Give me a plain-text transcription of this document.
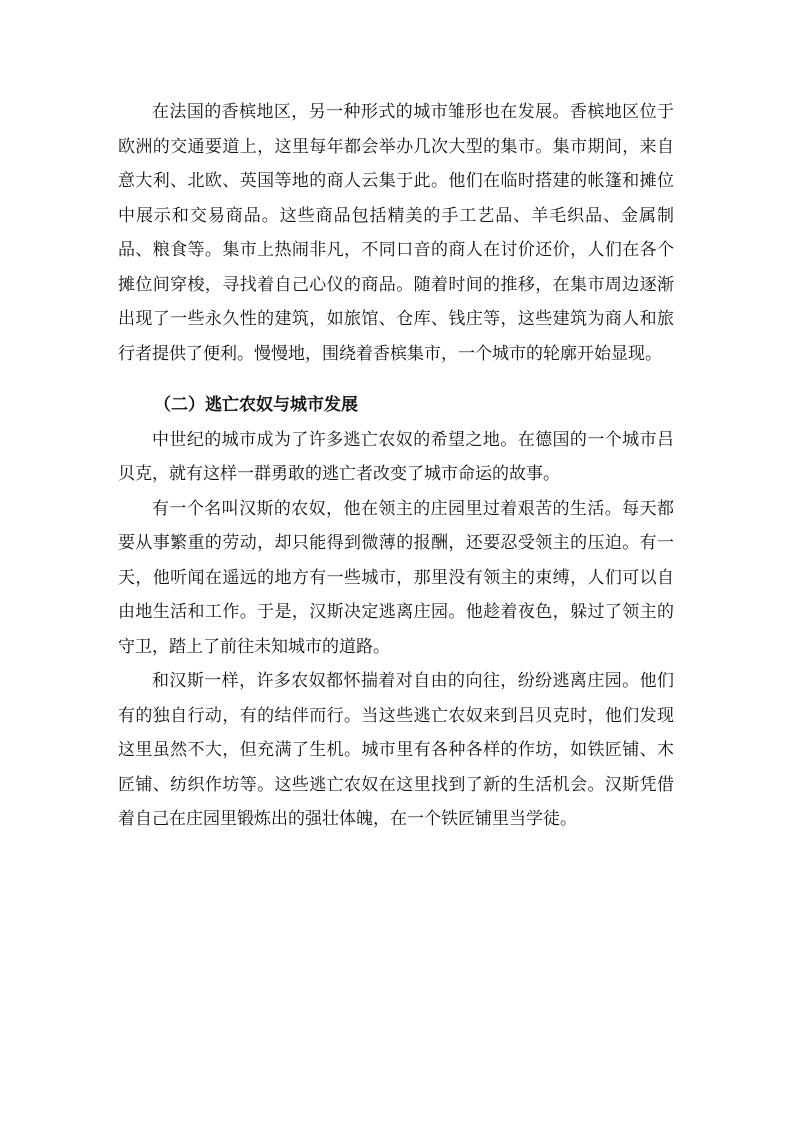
在法国的香槟地区，另一种形式的城市雏形也在发展。香槟地区位于欧洲的交通要道上，这里每年都会举办几次大型的集市。集市期间，来自意大利、北欧、英国等地的商人云集于此。他们在临时搭建的帐篷和摊位中展示和交易商品。这些商品包括精美的手工艺品、羊毛织品、金属制品、粮食等。集市上热闹非凡，不同口音的商人在讨价还价，人们在各个摊位间穿梭，寻找着自己心仪的商品。随着时间的推移，在集市周边逐渐出现了一些永久性的建筑，如旅馆、仓库、钱庄等，这些建筑为商人和旅行者提供了便利。慢慢地，围绕着香槟集市，一个城市的轮廓开始显现。

（二）逃亡农奴与城市发展

中世纪的城市成为了许多逃亡农奴的希望之地。在德国的一个城市吕贝克，就有这样一群勇敢的逃亡者改变了城市命运的故事。

有一个名叫汉斯的农奴，他在领主的庄园里过着艰苦的生活。每天都要从事繁重的劳动，却只能得到微薄的报酬，还要忍受领主的压迫。有一天，他听闻在遥远的地方有一些城市，那里没有领主的束缚，人们可以自由地生活和工作。于是，汉斯决定逃离庄园。他趁着夜色，躲过了领主的守卫，踏上了前往未知城市的道路。

和汉斯一样，许多农奴都怀揣着对自由的向往，纷纷逃离庄园。他们有的独自行动，有的结伴而行。当这些逃亡农奴来到吕贝克时，他们发现这里虽然不大，但充满了生机。城市里有各种各样的作坊，如铁匠铺、木匠铺、纺织作坊等。这些逃亡农奴在这里找到了新的生活机会。汉斯凭借着自己在庄园里锻炼出的强壮体魄，在一个铁匠铺里当学徒。
